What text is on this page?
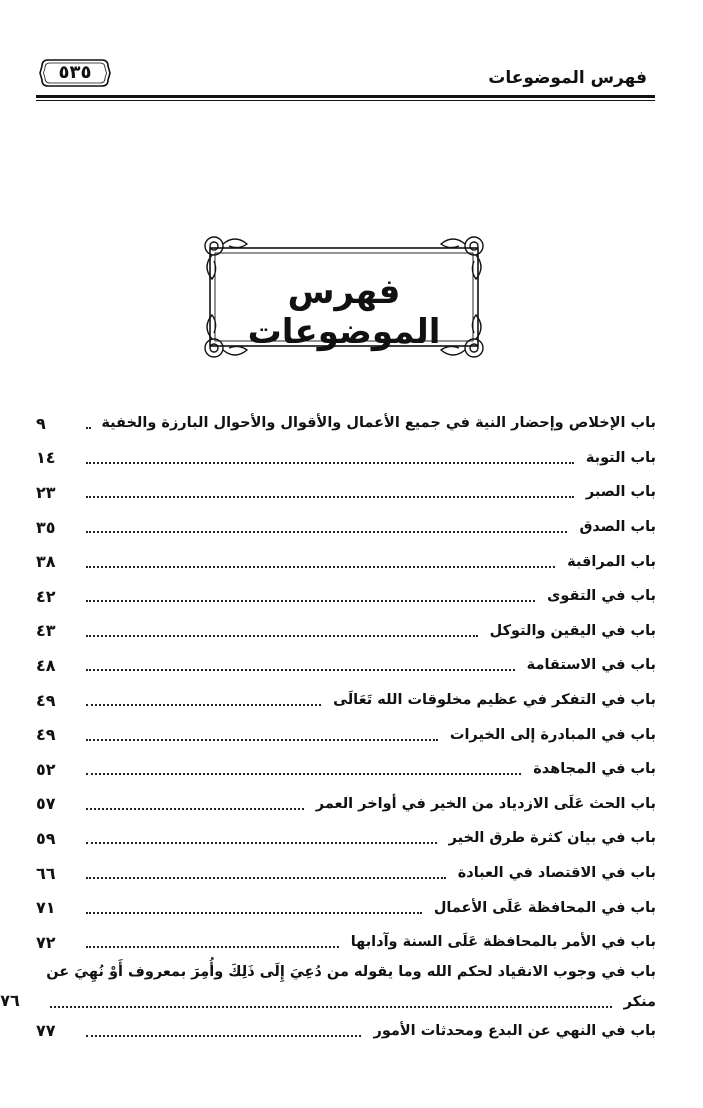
فهرس الموضوعات
٥٣٥
فهرس الموضوعات
باب الإخلاص وإحضار النية في جميع الأعمال والأقوال والأحوال البارزة والخفية
٩
باب التوبة
١٤
باب الصبر
٢٣
باب الصدق
٣٥
باب المراقبة
٣٨
باب في التقوى
٤٢
باب في اليقين والتوكل
٤٣
باب في الاستقامة
٤٨
باب في التفكر في عظيم مخلوقات الله تَعَالَى
٤٩
باب في المبادرة إلى الخيرات
٤٩
باب في المجاهدة
٥٢
باب الحث عَلَى الازدياد من الخير في أواخر العمر
٥٧
باب في بيان كثرة طرق الخير
٥٩
باب في الاقتصاد في العبادة
٦٦
باب في المحافظة عَلَى الأعمال
٧١
باب في الأمر بالمحافظة عَلَى السنة وآدابها
٧٢
باب في وجوب الانقياد لحكم الله وما يقوله من دُعِيَ إِلَى ذَلِكَ وأُمِرَ بمعروف أَوْ نُهِيَ عن
منكر
٧٦
باب في النهي عن البدع ومحدثات الأمور
٧٧
